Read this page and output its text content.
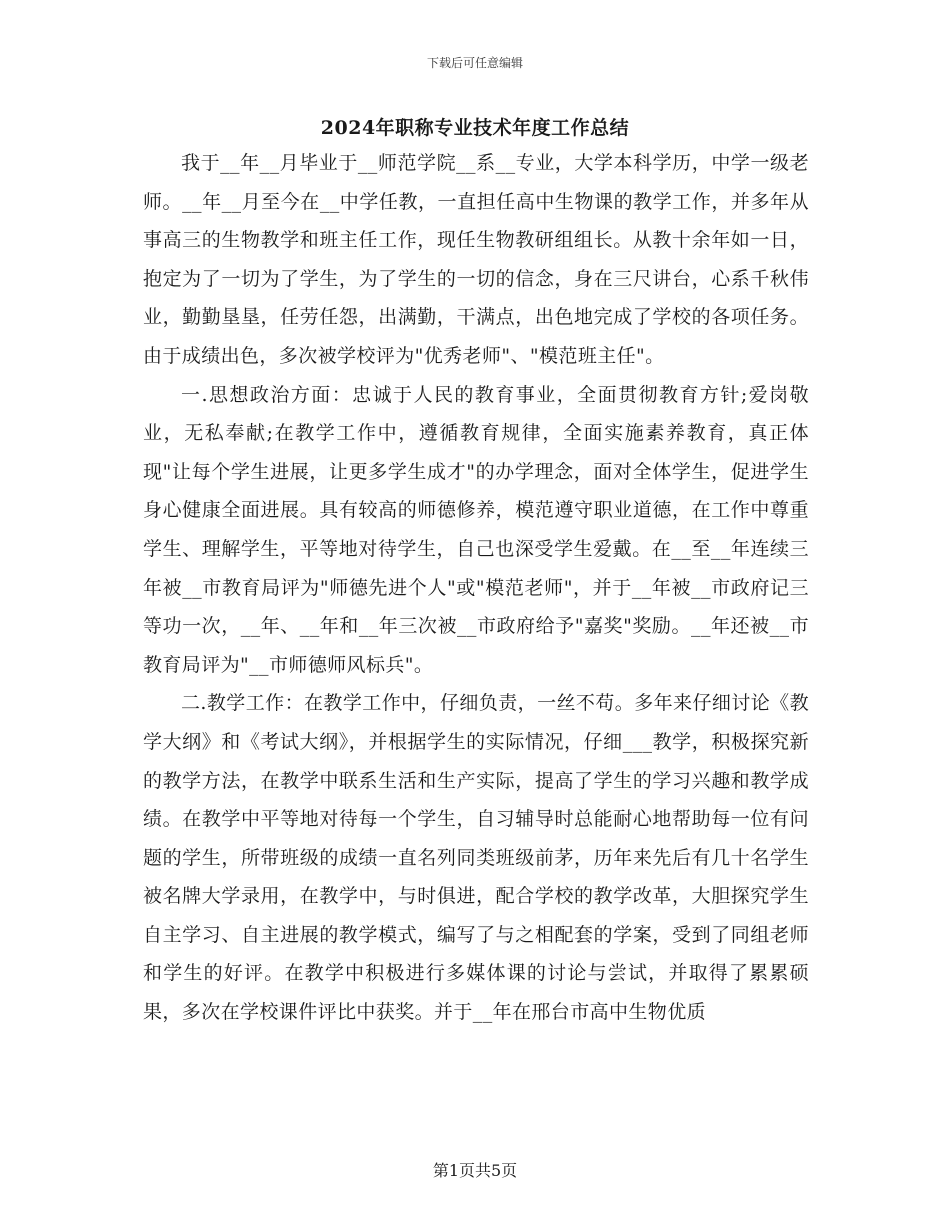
下载后可任意编辑
2024年职称专业技术年度工作总结

我于__年__月毕业于__师范学院__系__专业，大学本科学历，中学一级老师。__年__月至今在__中学任教，一直担任高中生物课的教学工作，并多年从事高三的生物教学和班主任工作，现任生物教研组组长。从教十余年如一日，抱定为了一切为了学生，为了学生的一切的信念，身在三尺讲台，心系千秋伟业，勤勤垦垦，任劳任怨，出满勤，干满点，出色地完成了学校的各项任务。由于成绩出色，多次被学校评为"优秀老师"、"模范班主任"。

一.思想政治方面：忠诚于人民的教育事业，全面贯彻教育方针;爱岗敬业，无私奉献;在教学工作中，遵循教育规律，全面实施素养教育，真正体现"让每个学生进展，让更多学生成才"的办学理念，面对全体学生，促进学生身心健康全面进展。具有较高的师德修养，模范遵守职业道德，在工作中尊重学生、理解学生，平等地对待学生，自己也深受学生爱戴。在__至__年连续三年被__市教育局评为"师德先进个人"或"模范老师"，并于__年被__市政府记三等功一次，__年、__年和__年三次被__市政府给予"嘉奖"奖励。__年还被__市教育局评为"__市师德师风标兵"。

二.教学工作：在教学工作中，仔细负责，一丝不苟。多年来仔细讨论《教学大纲》和《考试大纲》，并根据学生的实际情况，仔细___教学，积极探究新的教学方法，在教学中联系生活和生产实际，提高了学生的学习兴趣和教学成绩。在教学中平等地对待每一个学生，自习辅导时总能耐心地帮助每一位有问题的学生，所带班级的成绩一直名列同类班级前茅，历年来先后有几十名学生被名牌大学录用，在教学中，与时俱进，配合学校的教学改革，大胆探究学生自主学习、自主进展的教学模式，编写了与之相配套的学案，受到了同组老师和学生的好评。在教学中积极进行多媒体课的讨论与尝试，并取得了累累硕果，多次在学校课件评比中获奖。并于__年在邢台市高中生物优质

第1页共5页
